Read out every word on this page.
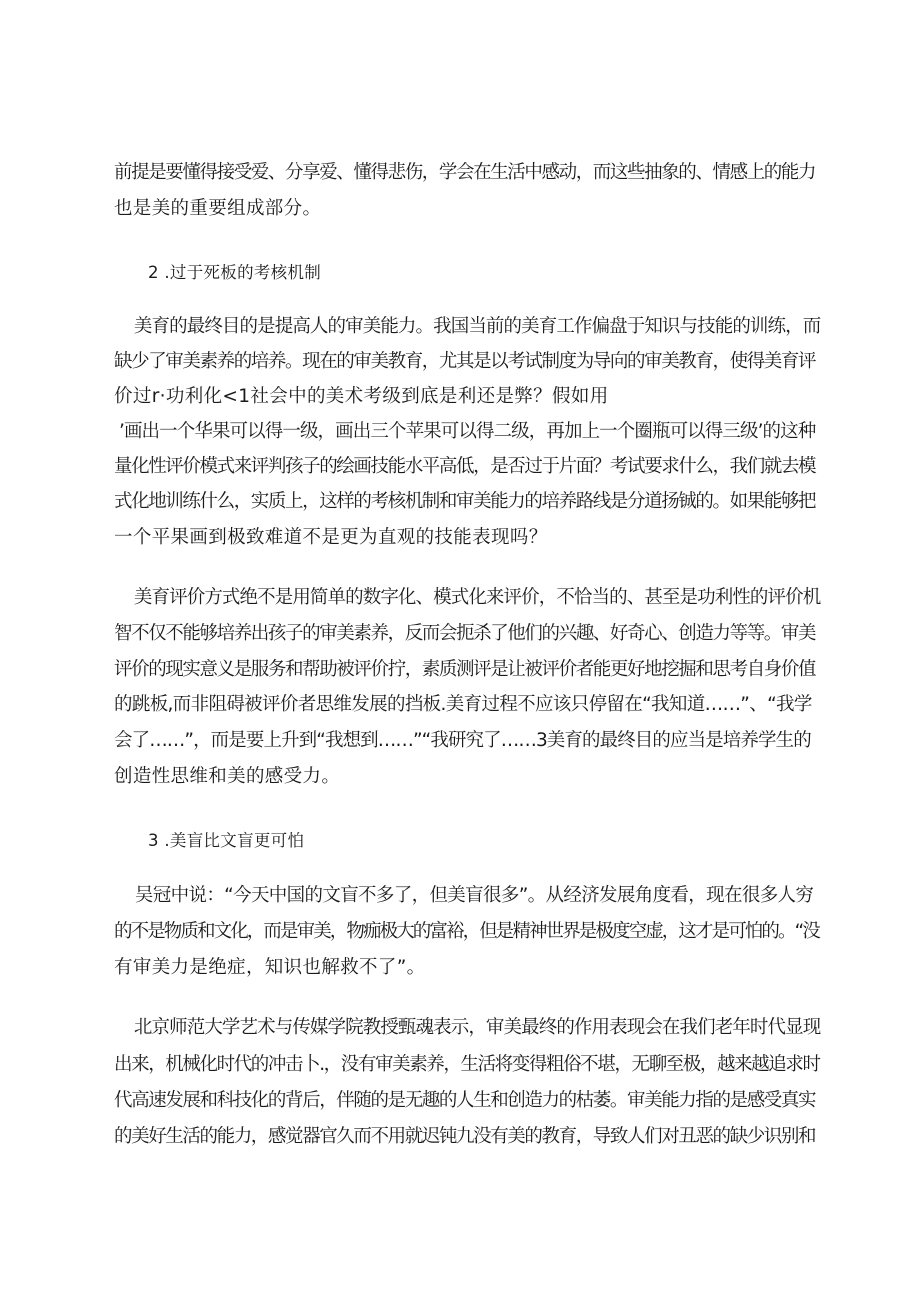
前提是要懂得接受爱、分享爱、懂得悲伤，学会在生活中感动，而这些抽象的、情感上的能力
也是美的重要组成部分。
2 .过于死板的考核机制
美育的最终目的是提高人的审美能力。我国当前的美育工作偏盘于知识与技能的训练，而
缺少了审美素养的培养。现在的审美教育，尤其是以考试制度为导向的审美教育，使得美育评
价过r·功利化<1社会中的美术考级到底是利还是弊？假如用
’画出一个华果可以得一级，画出三个苹果可以得二级，再加上一个圈瓶可以得三级’的这种
量化性评价模式来评判孩子的绘画技能水平高低，是否过于片面？考试要求什么，我们就去模
式化地训练什么，实质上，这样的考核机制和审美能力的培养路线是分道扬铖的。如果能够把
一个平果画到极致难道不是更为直观的技能表现吗？
美育评价方式绝不是用简单的数字化、模式化来评价，不恰当的、甚至是功利性的评价机
智不仅不能够培养出孩子的审美素养，反而会扼杀了他们的兴趣、好奇心、创造力等等。审美
评价的现实意义是服务和帮助被评价拧，素质测评是让被评价者能更好地挖掘和思考自身价值
的跳板,而非阻碍被评价者思维发展的挡板.美育过程不应该只停留在“我知道……”、“我学
会了……”，而是要上升到“我想到……”“我研究了……3美育的最终目的应当是培养学生的
创造性思维和美的感受力。
3 .美盲比文盲更可怕
吴冠中说：“今天中国的文盲不多了，但美盲很多”。从经济发展角度看，现在很多人穷
的不是物质和文化，而是审美，物痂极大的富裕，但是精神世界是极度空虚，这才是可怕的。“没
有审美力是绝症，知识也解救不了”。
北京师范大学艺术与传媒学院教授甄魂表示，审美最终的作用表现会在我们老年时代显现
出来，机械化时代的冲击卜.，没有审美素养，生活将变得粗俗不堪，无聊至极，越来越追求时
代高速发展和科技化的背后，伴随的是无趣的人生和创造力的枯萎。审美能力指的是感受真实
的美好生活的能力，感觉器官久而不用就迟钝九没有美的教育，导致人们对丑恶的缺少识别和
